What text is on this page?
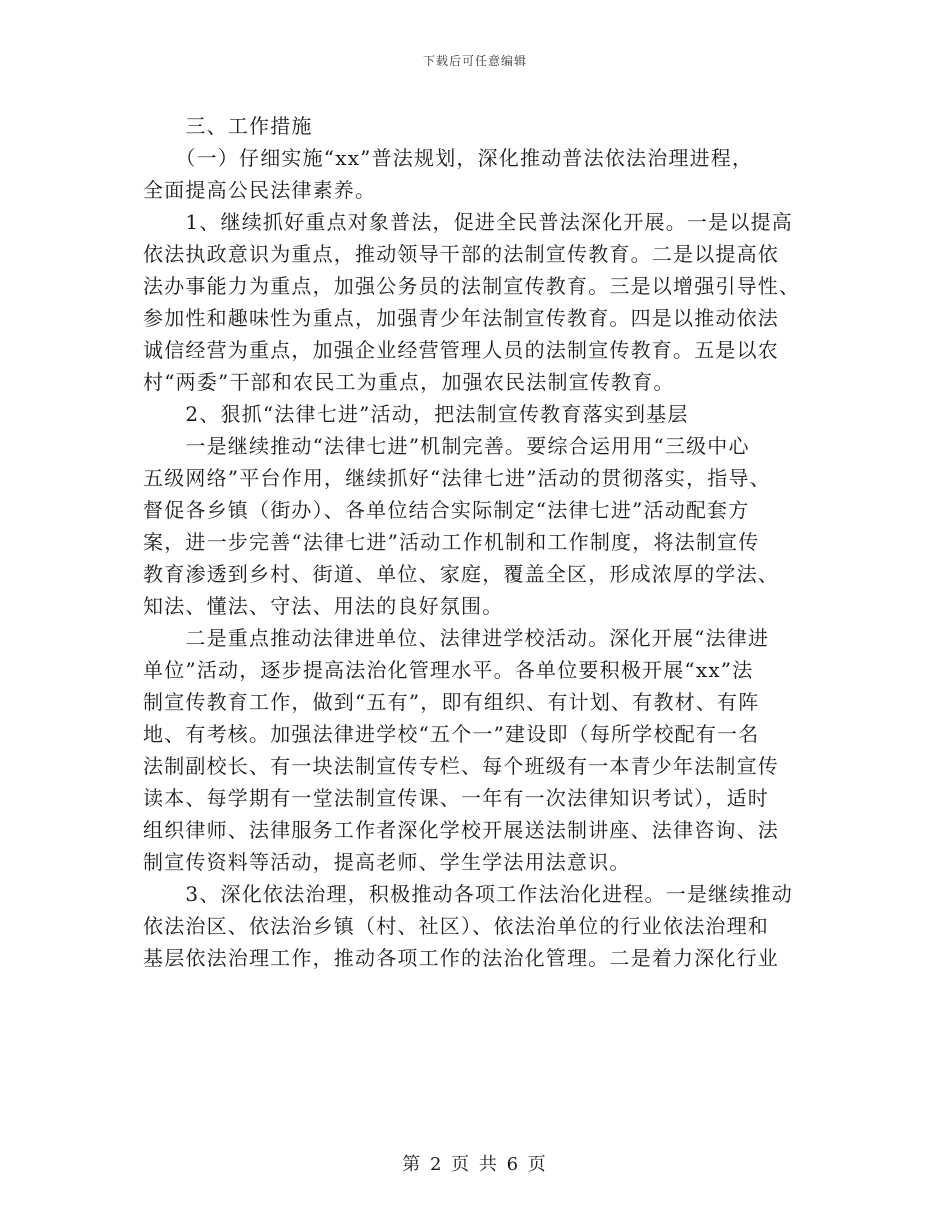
下载后可任意编辑
　　三、工作措施
　　（一）仔细实施“xx”普法规划，深化推动普法依法治理进程，
全面提高公民法律素养。
　　1、继续抓好重点对象普法，促进全民普法深化开展。一是以提高
依法执政意识为重点，推动领导干部的法制宣传教育。二是以提高依
法办事能力为重点，加强公务员的法制宣传教育。三是以增强引导性、
参加性和趣味性为重点，加强青少年法制宣传教育。四是以推动依法
诚信经营为重点，加强企业经营管理人员的法制宣传教育。五是以农
村“两委”干部和农民工为重点，加强农民法制宣传教育。
　　2、狠抓“法律七进”活动，把法制宣传教育落实到基层
　　一是继续推动“法律七进”机制完善。要综合运用用“三级中心
五级网络”平台作用，继续抓好“法律七进”活动的贯彻落实，指导、
督促各乡镇（街办）、各单位结合实际制定“法律七进”活动配套方
案，进一步完善“法律七进”活动工作机制和工作制度，将法制宣传
教育渗透到乡村、街道、单位、家庭，覆盖全区，形成浓厚的学法、
知法、懂法、守法、用法的良好氛围。
　　二是重点推动法律进单位、法律进学校活动。深化开展“法律进
单位”活动，逐步提高法治化管理水平。各单位要积极开展“xx”法
制宣传教育工作，做到“五有”，即有组织、有计划、有教材、有阵
地、有考核。加强法律进学校“五个一”建设即（每所学校配有一名
法制副校长、有一块法制宣传专栏、每个班级有一本青少年法制宣传
读本、每学期有一堂法制宣传课、一年有一次法律知识考试），适时
组织律师、法律服务工作者深化学校开展送法制讲座、法律咨询、法
制宣传资料等活动，提高老师、学生学法用法意识。
　　3、深化依法治理，积极推动各项工作法治化进程。一是继续推动
依法治区、依法治乡镇（村、社区）、依法治单位的行业依法治理和
基层依法治理工作，推动各项工作的法治化管理。二是着力深化行业
第 2 页 共 6 页
